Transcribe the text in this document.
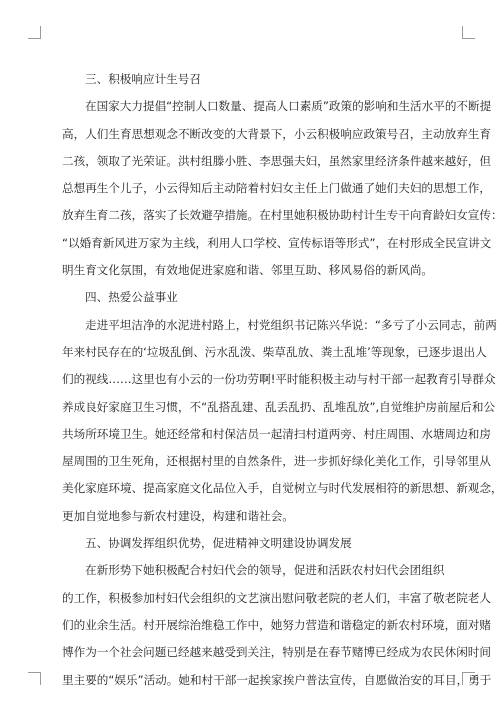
三、积极响应计生号召
在国家大力提倡“控制人口数量、提高人口素质”政策的影响和生活水平的不断提
高，人们生育思想观念不断改变的大背景下，小云积极响应政策号召，主动放弃生育
二孩，领取了光荣证。洪村组滕小胜、李思强夫妇，虽然家里经济条件越来越好，但
总想再生个儿子，小云得知后主动陪着村妇女主任上门做通了她们夫妇的思想工作，
放弃生育二孩，落实了长效避孕措施。在村里她积极协助村计生专干向育龄妇女宣传：
“以婚育新风进万家为主线，利用人口学校、宣传标语等形式”，在村形成全民宣讲文
明生育文化氛围，有效地促进家庭和谐、邻里互助、移风易俗的新风尚。
四、热爱公益事业
走进平坦洁净的水泥进村路上，村党组织书记陈兴华说：“多亏了小云同志，前两
年来村民存在的‘垃圾乱倒、污水乱泼、柴草乱放、粪土乱堆’等现象，已逐步退出人
们的视线……这里也有小云的一份功劳啊!平时能积极主动与村干部一起教育引导群众
养成良好家庭卫生习惯，不“乱搭乱建、乱丢乱扔、乱堆乱放”,自觉维护房前屋后和公
共场所环境卫生。她还经常和村保洁员一起清扫村道两旁、村庄周围、水塘周边和房
屋周围的卫生死角，还根据村里的自然条件，进一步抓好绿化美化工作，引导邻里从
美化家庭环境、提高家庭文化品位入手，自觉树立与时代发展相符的新思想、新观念，
更加自觉地参与新农村建设，构建和谐社会。
五、协调发挥组织优势，促进精神文明建设协调发展
在新形势下她积极配合村妇代会的领导，促进和活跃农村妇代会团组织
的工作，积极参加村妇代会组织的文艺演出慰问敬老院的老人们，丰富了敬老院老人
们的业余生活。村开展综治维稳工作中，她努力营造和谐稳定的新农村环境，面对赌
博作为一个社会问题已经越来越受到关注，特别是在春节赌博已经成为农民休闲时间
里主要的“娱乐”活动。她和村干部一起挨家挨户普法宣传，自愿做治安的耳目，勇于
